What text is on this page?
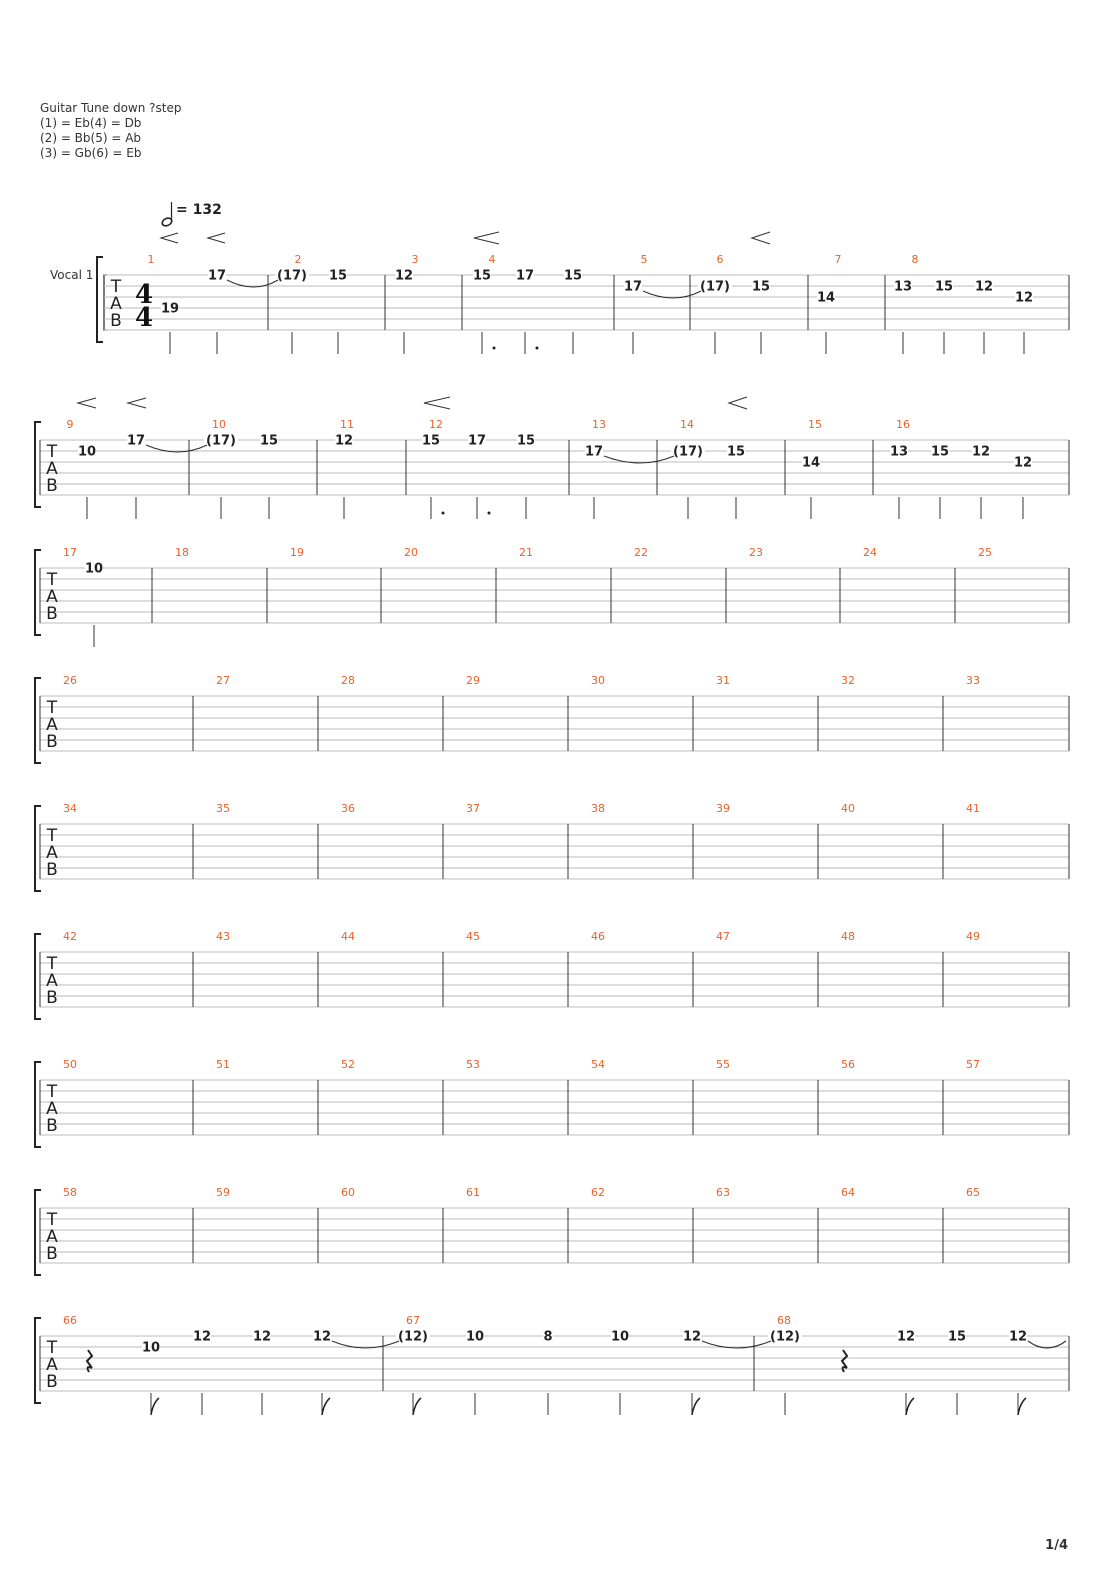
Guitar Tune down ?step
(1) = Eb(4) = Db
(2) = Bb(5) = Ab
(3) = Gb(6) = Eb
= 132
Vocal 1
T
A
B
4
4
1	2	3	4	5	6	7	8
19
17	(17) 15	12	15 17 15
17	(17) 15
14
13 15 12
12
T
A
B
9	10	11	12	13	14	15	16
10
17	(17) 15	12	15 17 15
17	(17) 15
14
13 15 12
12
T
A
B
17	18	19	20	21	22	23	24	25
10
T
A
B
26	27	28	29	30	31	32	33
T
A
B
34	35	36	37	38	39	40	41
T
A
B
42	43	44	45	46	47	48	49
T
A
B
50	51	52	53	54	55	56	57
T
A
B
58	59	60	61	62	63	64	65
T
A
B
66	67	68
10
12	12	12	(12)	10	8	10	12	(12)	12	15	12
1/4
